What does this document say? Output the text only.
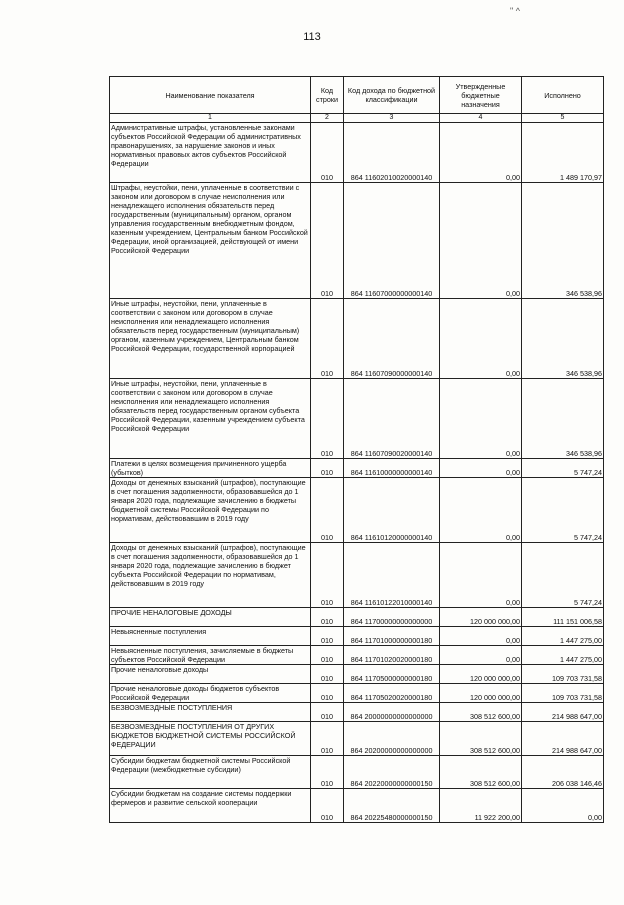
" ^
113
Наименование показателя	Код строки	Код дохода по бюджетной классификации	Утвержденные бюджетные назначения	Исполнено
1	2	3	4	5
Административные штрафы, установленные законами субъектов Российской Федерации об административных правонарушениях, за нарушение законов и иных нормативных правовых актов субъектов Российской Федерации	010	864 11602010020000140	0,00	1 489 170,97
Штрафы, неустойки, пени, уплаченные в соответствии с законом или договором в случае неисполнения или ненадлежащего исполнения обязательств перед государственным (муниципальным) органом, органом управления государственным внебюджетным фондом, казенным учреждением, Центральным банком Российской Федерации, иной организацией, действующей от имени Российской Федерации	010	864 11607000000000140	0,00	346 538,96
Иные штрафы, неустойки, пени, уплаченные в соответствии с законом или договором в случае неисполнения или ненадлежащего исполнения обязательств перед государственным (муниципальным) органом, казенным учреждением, Центральным банком Российской Федерации, государственной корпорацией	010	864 11607090000000140	0,00	346 538,96
Иные штрафы, неустойки, пени, уплаченные в соответствии с законом или договором в случае неисполнения или ненадлежащего исполнения обязательств перед государственным органом субъекта Российской Федерации, казенным учреждением субъекта Российской Федерации	010	864 11607090020000140	0,00	346 538,96
Платежи в целях возмещения причиненного ущерба (убытков)	010	864 11610000000000140	0,00	5 747,24
Доходы от денежных взысканий (штрафов), поступающие в счет погашения задолженности, образовавшейся до 1 января 2020 года, подлежащие зачислению в бюджеты бюджетной системы Российской Федерации по нормативам, действовавшим в 2019 году	010	864 11610120000000140	0,00	5 747,24
Доходы от денежных взысканий (штрафов), поступающие в счет погашения задолженности, образовавшейся до 1 января 2020 года, подлежащие зачислению в бюджет субъекта Российской Федерации по нормативам, действовавшим в 2019 году	010	864 11610122010000140	0,00	5 747,24
ПРОЧИЕ НЕНАЛОГОВЫЕ ДОХОДЫ	010	864 11700000000000000	120 000 000,00	111 151 006,58
Невыясненные поступления	010	864 11701000000000180	0,00	1 447 275,00
Невыясненные поступления, зачисляемые в бюджеты субъектов Российской Федерации	010	864 11701020020000180	0,00	1 447 275,00
Прочие неналоговые доходы	010	864 11705000000000180	120 000 000,00	109 703 731,58
Прочие неналоговые доходы бюджетов субъектов Российской Федерации	010	864 11705020020000180	120 000 000,00	109 703 731,58
БЕЗВОЗМЕЗДНЫЕ ПОСТУПЛЕНИЯ	010	864 20000000000000000	308 512 600,00	214 988 647,00
БЕЗВОЗМЕЗДНЫЕ ПОСТУПЛЕНИЯ ОТ ДРУГИХ БЮДЖЕТОВ БЮДЖЕТНОЙ СИСТЕМЫ РОССИЙСКОЙ ФЕДЕРАЦИИ	010	864 20200000000000000	308 512 600,00	214 988 647,00
Субсидии бюджетам бюджетной системы Российской Федерации (межбюджетные субсидии)	010	864 20220000000000150	308 512 600,00	206 038 146,46
Субсидии бюджетам на создание системы поддержки фермеров и развитие сельской кооперации	010	864 20225480000000150	11 922 200,00	0,00
